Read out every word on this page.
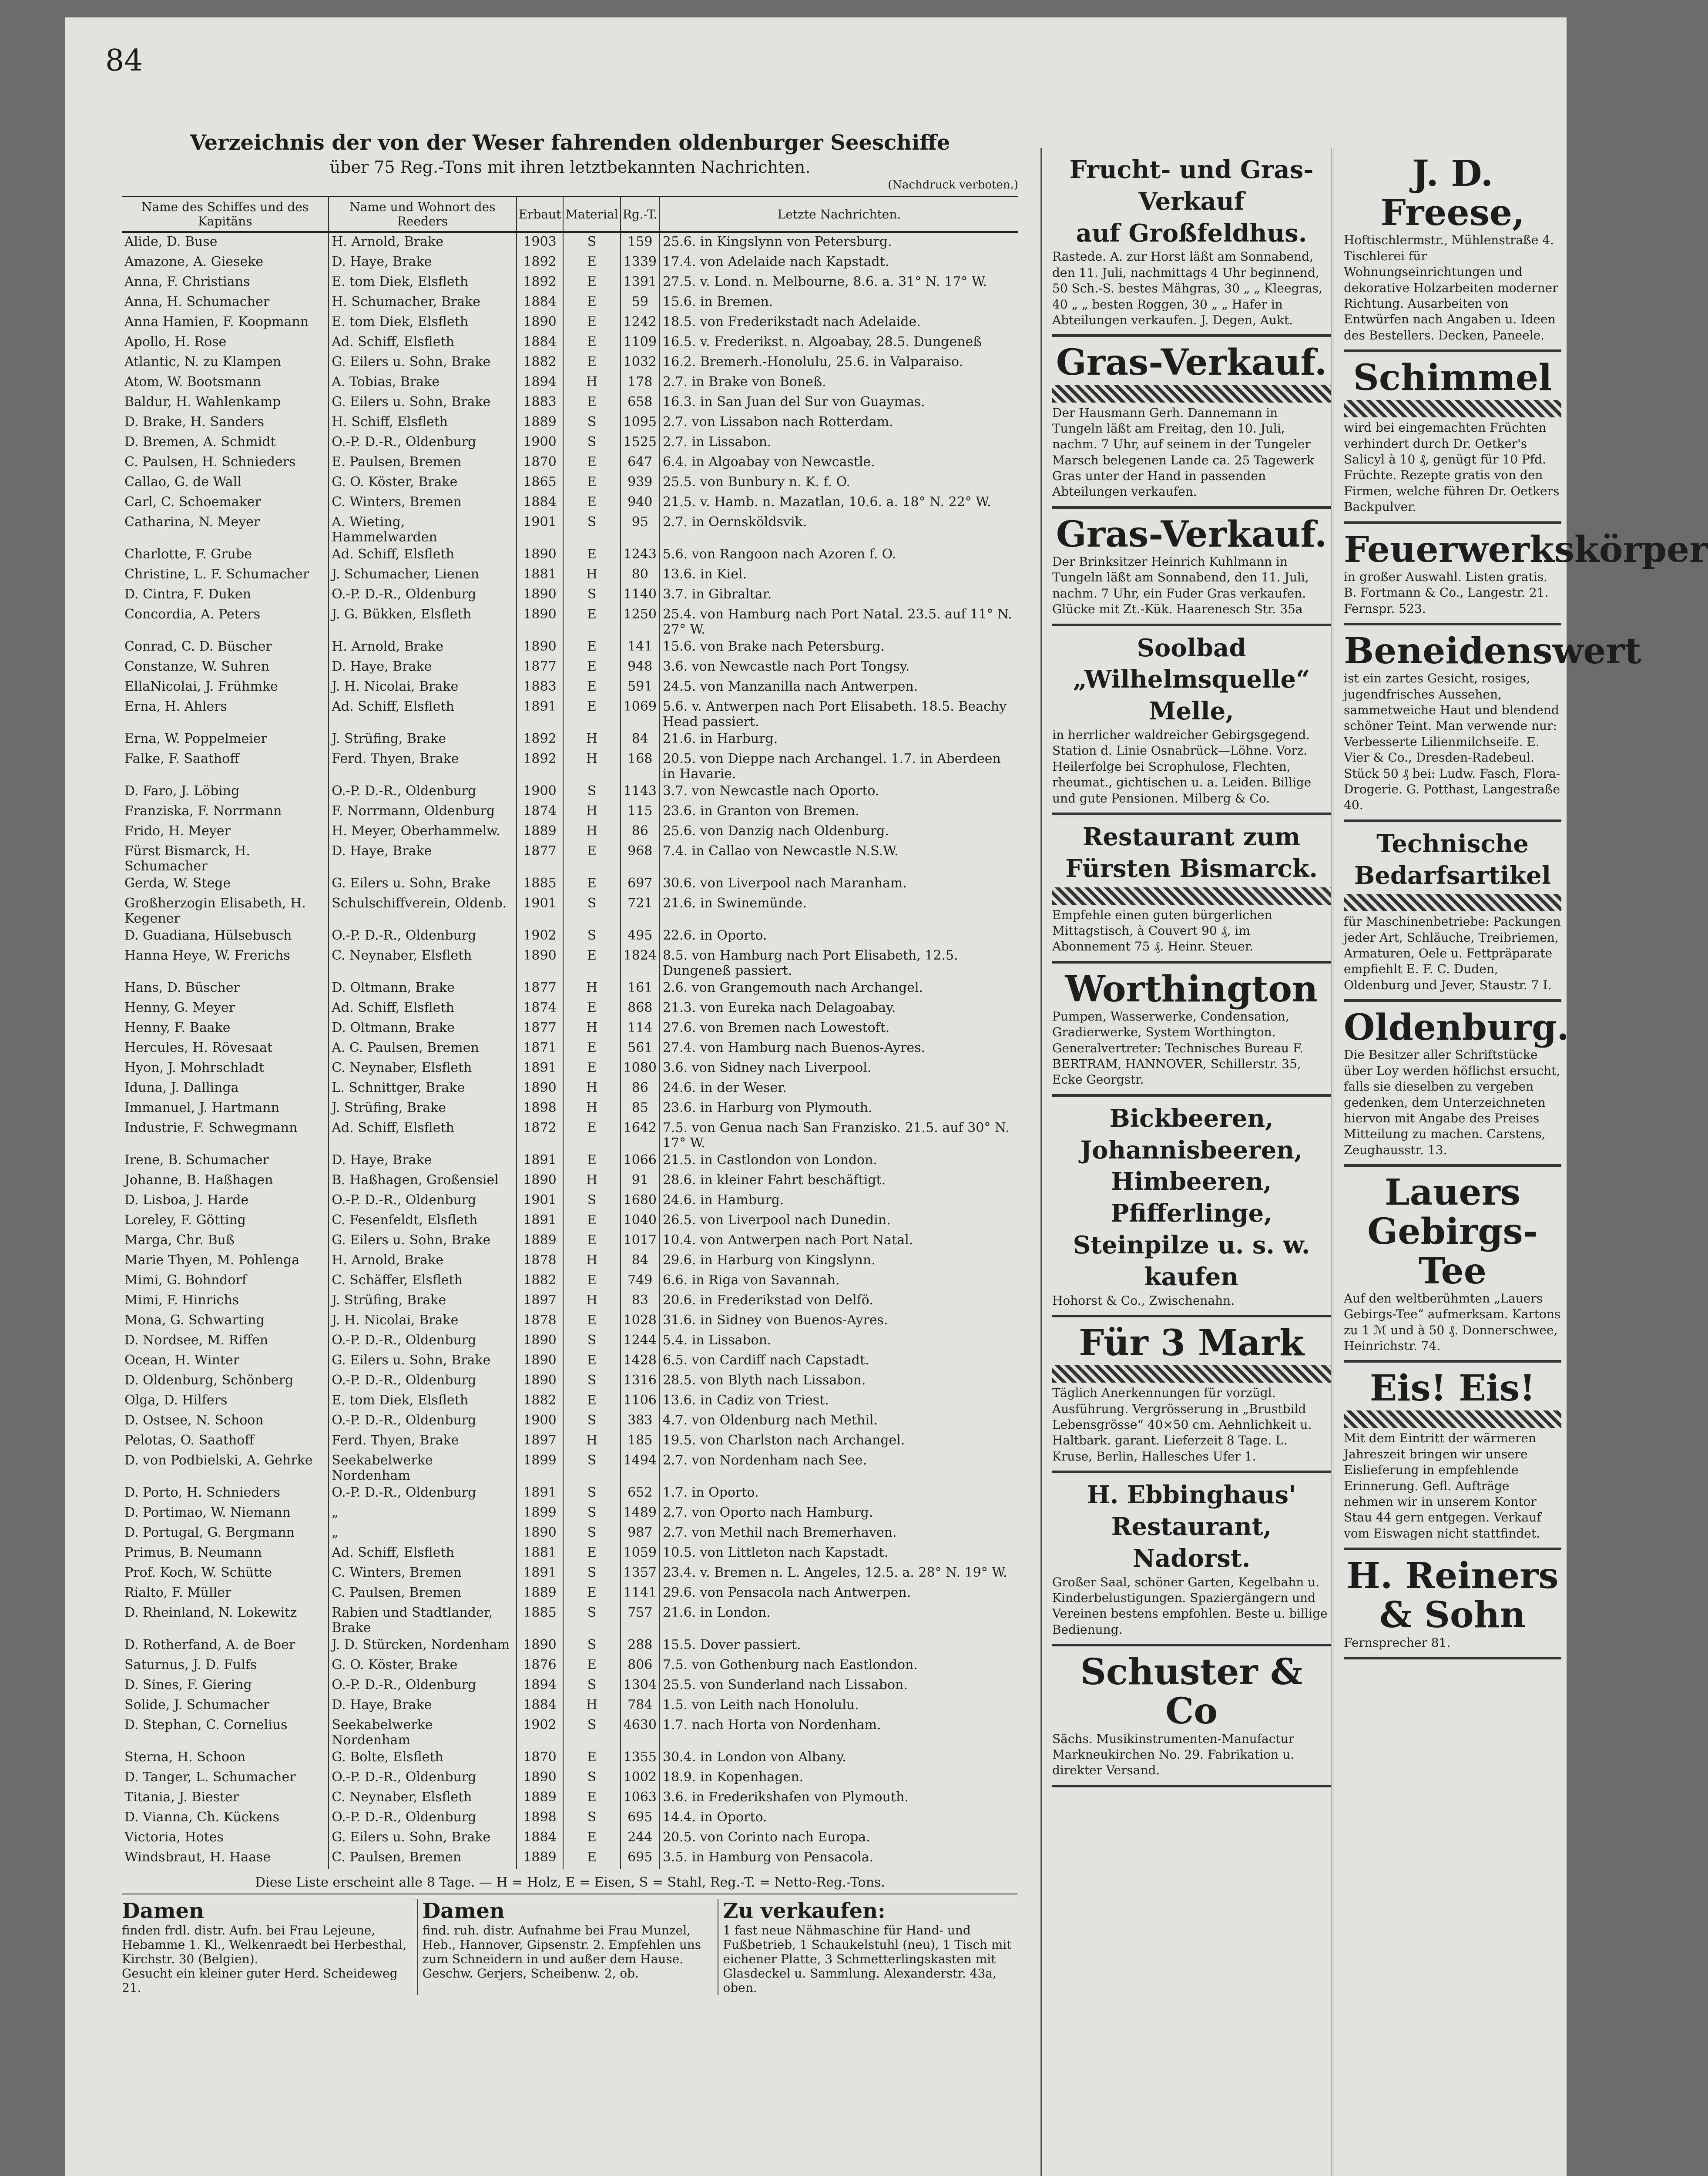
84
Verzeichnis der von der Weser fahrenden oldenburger Seeschiffe
über 75 Reg.-Tons mit ihren letztbekannten Nachrichten.
(Nachdruck verboten.)
Name des Schiffes und des Kapitäns	Name und Wohnort des Reeders	Erbaut	Material	Rg.-T.	Letzte Nachrichten.
Alide, D. Buse	H. Arnold, Brake	1903	S	159	25.6. in Kingslynn von Petersburg.
Amazone, A. Gieseke	D. Haye, Brake	1892	E	1339	17.4. von Adelaide nach Kapstadt.
Anna, F. Christians	E. tom Diek, Elsfleth	1892	E	1391	27.5. v. Lond. n. Melbourne, 8.6. a. 31° N. 17° W.
Anna, H. Schumacher	H. Schumacher, Brake	1884	E	59	15.6. in Bremen.
Anna Hamien, F. Koopmann	E. tom Diek, Elsfleth	1890	E	1242	18.5. von Frederikstadt nach Adelaide.
Apollo, H. Rose	Ad. Schiff, Elsfleth	1884	E	1109	16.5. v. Frederikst. n. Algoabay, 28.5. Dungeneß
Atlantic, N. zu Klampen	G. Eilers u. Sohn, Brake	1882	E	1032	16.2. Bremerh.-Honolulu, 25.6. in Valparaiso.
Atom, W. Bootsmann	A. Tobias, Brake	1894	H	178	2.7. in Brake von Boneß.
Baldur, H. Wahlenkamp	G. Eilers u. Sohn, Brake	1883	E	658	16.3. in San Juan del Sur von Guaymas.
D. Brake, H. Sanders	H. Schiff, Elsfleth	1889	S	1095	2.7. von Lissabon nach Rotterdam.
D. Bremen, A. Schmidt	O.-P. D.-R., Oldenburg	1900	S	1525	2.7. in Lissabon.
C. Paulsen, H. Schnieders	E. Paulsen, Bremen	1870	E	647	6.4. in Algoabay von Newcastle.
Callao, G. de Wall	G. O. Köster, Brake	1865	E	939	25.5. von Bunbury n. K. f. O.
Carl, C. Schoemaker	C. Winters, Bremen	1884	E	940	21.5. v. Hamb. n. Mazatlan, 10.6. a. 18° N. 22° W.
Catharina, N. Meyer	A. Wieting, Hammelwarden	1901	S	95	2.7. in Oernsköldsvik.
Charlotte, F. Grube	Ad. Schiff, Elsfleth	1890	E	1243	5.6. von Rangoon nach Azoren f. O.
Christine, L. F. Schumacher	J. Schumacher, Lienen	1881	H	80	13.6. in Kiel.
D. Cintra, F. Duken	O.-P. D.-R., Oldenburg	1890	S	1140	3.7. in Gibraltar.
Concordia, A. Peters	J. G. Bükken, Elsfleth	1890	E	1250	25.4. von Hamburg nach Port Natal. 23.5. auf 11° N. 27° W.
Conrad, C. D. Büscher	H. Arnold, Brake	1890	E	141	15.6. von Brake nach Petersburg.
Constanze, W. Suhren	D. Haye, Brake	1877	E	948	3.6. von Newcastle nach Port Tongsy.
EllaNicolai, J. Frühmke	J. H. Nicolai, Brake	1883	E	591	24.5. von Manzanilla nach Antwerpen.
Erna, H. Ahlers	Ad. Schiff, Elsfleth	1891	E	1069	5.6. v. Antwerpen nach Port Elisabeth. 18.5. Beachy Head passiert.
Erna, W. Poppelmeier	J. Strüfing, Brake	1892	H	84	21.6. in Harburg.
Falke, F. Saathoff	Ferd. Thyen, Brake	1892	H	168	20.5. von Dieppe nach Archangel. 1.7. in Aberdeen in Havarie.
D. Faro, J. Löbing	O.-P. D.-R., Oldenburg	1900	S	1143	3.7. von Newcastle nach Oporto.
Franziska, F. Norrmann	F. Norrmann, Oldenburg	1874	H	115	23.6. in Granton von Bremen.
Frido, H. Meyer	H. Meyer, Oberhammelw.	1889	H	86	25.6. von Danzig nach Oldenburg.
Fürst Bismarck, H. Schumacher	D. Haye, Brake	1877	E	968	7.4. in Callao von Newcastle N.S.W.
Gerda, W. Stege	G. Eilers u. Sohn, Brake	1885	E	697	30.6. von Liverpool nach Maranham.
Großherzogin Elisabeth, H. Kegener	Schulschiffverein, Oldenb.	1901	S	721	21.6. in Swinemünde.
D. Guadiana, Hülsebusch	O.-P. D.-R., Oldenburg	1902	S	495	22.6. in Oporto.
Hanna Heye, W. Frerichs	C. Neynaber, Elsfleth	1890	E	1824	8.5. von Hamburg nach Port Elisabeth, 12.5. Dungeneß passiert.
Hans, D. Büscher	D. Oltmann, Brake	1877	H	161	2.6. von Grangemouth nach Archangel.
Henny, G. Meyer	Ad. Schiff, Elsfleth	1874	E	868	21.3. von Eureka nach Delagoabay.
Henny, F. Baake	D. Oltmann, Brake	1877	H	114	27.6. von Bremen nach Lowestoft.
Hercules, H. Rövesaat	A. C. Paulsen, Bremen	1871	E	561	27.4. von Hamburg nach Buenos-Ayres.
Hyon, J. Mohrschladt	C. Neynaber, Elsfleth	1891	E	1080	3.6. von Sidney nach Liverpool.
Iduna, J. Dallinga	L. Schnittger, Brake	1890	H	86	24.6. in der Weser.
Immanuel, J. Hartmann	J. Strüfing, Brake	1898	H	85	23.6. in Harburg von Plymouth.
Industrie, F. Schwegmann	Ad. Schiff, Elsfleth	1872	E	1642	7.5. von Genua nach San Franzisko. 21.5. auf 30° N. 17° W.
Irene, B. Schumacher	D. Haye, Brake	1891	E	1066	21.5. in Castlondon von London.
Johanne, B. Haßhagen	B. Haßhagen, Großensiel	1890	H	91	28.6. in kleiner Fahrt beschäftigt.
D. Lisboa, J. Harde	O.-P. D.-R., Oldenburg	1901	S	1680	24.6. in Hamburg.
Loreley, F. Götting	C. Fesenfeldt, Elsfleth	1891	E	1040	26.5. von Liverpool nach Dunedin.
Marga, Chr. Buß	G. Eilers u. Sohn, Brake	1889	E	1017	10.4. von Antwerpen nach Port Natal.
Marie Thyen, M. Pohlenga	H. Arnold, Brake	1878	H	84	29.6. in Harburg von Kingslynn.
Mimi, G. Bohndorf	C. Schäffer, Elsfleth	1882	E	749	6.6. in Riga von Savannah.
Mimi, F. Hinrichs	J. Strüfing, Brake	1897	H	83	20.6. in Frederikstad von Delfö.
Mona, G. Schwarting	J. H. Nicolai, Brake	1878	E	1028	31.6. in Sidney von Buenos-Ayres.
D. Nordsee, M. Riffen	O.-P. D.-R., Oldenburg	1890	S	1244	5.4. in Lissabon.
Ocean, H. Winter	G. Eilers u. Sohn, Brake	1890	E	1428	6.5. von Cardiff nach Capstadt.
D. Oldenburg, Schönberg	O.-P. D.-R., Oldenburg	1890	S	1316	28.5. von Blyth nach Lissabon.
Olga, D. Hilfers	E. tom Diek, Elsfleth	1882	E	1106	13.6. in Cadiz von Triest.
D. Ostsee, N. Schoon	O.-P. D.-R., Oldenburg	1900	S	383	4.7. von Oldenburg nach Methil.
Pelotas, O. Saathoff	Ferd. Thyen, Brake	1897	H	185	19.5. von Charlston nach Archangel.
D. von Podbielski, A. Gehrke	Seekabelwerke Nordenham	1899	S	1494	2.7. von Nordenham nach See.
D. Porto, H. Schnieders	O.-P. D.-R., Oldenburg	1891	S	652	1.7. in Oporto.
D. Portimao, W. Niemann	„	1899	S	1489	2.7. von Oporto nach Hamburg.
D. Portugal, G. Bergmann	„	1890	S	987	2.7. von Methil nach Bremerhaven.
Primus, B. Neumann	Ad. Schiff, Elsfleth	1881	E	1059	10.5. von Littleton nach Kapstadt.
Prof. Koch, W. Schütte	C. Winters, Bremen	1891	S	1357	23.4. v. Bremen n. L. Angeles, 12.5. a. 28° N. 19° W.
Rialto, F. Müller	C. Paulsen, Bremen	1889	E	1141	29.6. von Pensacola nach Antwerpen.
D. Rheinland, N. Lokewitz	Rabien und Stadtlander, Brake	1885	S	757	21.6. in London.
D. Rotherfand, A. de Boer	J. D. Stürcken, Nordenham	1890	S	288	15.5. Dover passiert.
Saturnus, J. D. Fulfs	G. O. Köster, Brake	1876	E	806	7.5. von Gothenburg nach Eastlondon.
D. Sines, F. Giering	O.-P. D.-R., Oldenburg	1894	S	1304	25.5. von Sunderland nach Lissabon.
Solide, J. Schumacher	D. Haye, Brake	1884	H	784	1.5. von Leith nach Honolulu.
D. Stephan, C. Cornelius	Seekabelwerke Nordenham	1902	S	4630	1.7. nach Horta von Nordenham.
Sterna, H. Schoon	G. Bolte, Elsfleth	1870	E	1355	30.4. in London von Albany.
D. Tanger, L. Schumacher	O.-P. D.-R., Oldenburg	1890	S	1002	18.9. in Kopenhagen.
Titania, J. Biester	C. Neynaber, Elsfleth	1889	E	1063	3.6. in Frederikshafen von Plymouth.
D. Vianna, Ch. Kückens	O.-P. D.-R., Oldenburg	1898	S	695	14.4. in Oporto.
Victoria, Hotes	G. Eilers u. Sohn, Brake	1884	E	244	20.5. von Corinto nach Europa.
Windsbraut, H. Haase	C. Paulsen, Bremen	1889	E	695	3.5. in Hamburg von Pensacola.
Diese Liste erscheint alle 8 Tage. — H = Holz, E = Eisen, S = Stahl, Reg.-T. = Netto-Reg.-Tons.
Damen
finden frdl. distr. Aufn. bei Frau Lejeune, Hebamme 1. Kl., Welkenraedt bei Herbesthal, Kirchstr. 30 (Belgien).
Gesucht ein kleiner guter Herd. Scheideweg 21.
Damen
find. ruh. distr. Aufnahme bei Frau Munzel, Heb., Hannover, Gipsenstr. 2. Empfehlen uns zum Schneidern in und außer dem Hause. Geschw. Gerjers, Scheibenw. 2, ob.
Zu verkaufen:
1 fast neue Nähmaschine für Hand- und Fußbetrieb, 1 Schaukelstuhl (neu), 1 Tisch mit eichener Platte, 3 Schmetterlingskasten mit Glasdeckel u. Sammlung. Alexanderstr. 43a, oben.
Frucht- und Gras-Verkauf
auf Großfeldhus.
Rastede. A. zur Horst läßt am Sonnabend, den 11. Juli, nachmittags 4 Uhr beginnend, 50 Sch.-S. bestes Mähgras, 30 „ „ Kleegras, 40 „ „ besten Roggen, 30 „ „ Hafer in Abteilungen verkaufen. J. Degen, Aukt.
Gras-Verkauf.
Der Hausmann Gerh. Dannemann in Tungeln läßt am Freitag, den 10. Juli, nachm. 7 Uhr, auf seinem in der Tungeler Marsch belegenen Lande ca. 25 Tagewerk Gras unter der Hand in passenden Abteilungen verkaufen.
Gras-Verkauf.
Der Brinksitzer Heinrich Kuhlmann in Tungeln läßt am Sonnabend, den 11. Juli, nachm. 7 Uhr, ein Fuder Gras verkaufen. Glücke mit Zt.-Kük. Haarenesch Str. 35a
Soolbad „Wilhelmsquelle“ Melle,
in herrlicher waldreicher Gebirgsgegend. Station d. Linie Osnabrück—Löhne. Vorz. Heilerfolge bei Scrophulose, Flechten, rheumat., gichtischen u. a. Leiden. Billige und gute Pensionen. Milberg & Co.
Restaurant zum Fürsten Bismarck.
Empfehle einen guten bürgerlichen Mittagstisch, à Couvert 90 ₰, im Abonnement 75 ₰. Heinr. Steuer.
Worthington
Pumpen, Wasserwerke, Condensation, Gradierwerke, System Worthington. Generalvertreter: Technisches Bureau F. BERTRAM, HANNOVER, Schillerstr. 35, Ecke Georgstr.
Bickbeeren, Johannisbeeren, Himbeeren, Pfifferlinge, Steinpilze u. s. w.
kaufen
Hohorst & Co., Zwischenahn.
Für 3 Mark
Täglich Anerkennungen für vorzügl. Ausführung. Vergrösserung in „Brustbild Lebensgrösse“ 40×50 cm. Aehnlichkeit u. Haltbark. garant. Lieferzeit 8 Tage. L. Kruse, Berlin, Hallesches Ufer 1.
H. Ebbinghaus' Restaurant, Nadorst.
Großer Saal, schöner Garten, Kegelbahn u. Kinderbelustigungen. Spaziergängern und Vereinen bestens empfohlen. Beste u. billige Bedienung.
Schuster & Co
Sächs. Musikinstrumenten-Manufactur Markneukirchen No. 29. Fabrikation u. direkter Versand.
J. D. Freese,
Hoftischlermstr., Mühlenstraße 4. Tischlerei für Wohnungseinrichtungen und dekorative Holzarbeiten moderner Richtung. Ausarbeiten von Entwürfen nach Angaben u. Ideen des Bestellers. Decken, Paneele.
Schimmel
wird bei eingemachten Früchten verhindert durch Dr. Oetker's Salicyl à 10 ₰, genügt für 10 Pfd. Früchte. Rezepte gratis von den Firmen, welche führen Dr. Oetkers Backpulver.
Feuerwerkskörper
in großer Auswahl. Listen gratis. B. Fortmann & Co., Langestr. 21. Fernspr. 523.
Beneidenswert
ist ein zartes Gesicht, rosiges, jugendfrisches Aussehen, sammetweiche Haut und blendend schöner Teint. Man verwende nur: Verbesserte Lilienmilchseife. E. Vier & Co., Dresden-Radebeul. Stück 50 ₰ bei: Ludw. Fasch, Flora-Drogerie. G. Potthast, Langestraße 40.
Technische Bedarfsartikel
für Maschinenbetriebe: Packungen jeder Art, Schläuche, Treibriemen, Armaturen, Oele u. Fettpräparate empfiehlt E. F. C. Duden, Oldenburg und Jever, Staustr. 7 I.
Oldenburg.
Die Besitzer aller Schriftstücke über Loy werden höflichst ersucht, falls sie dieselben zu vergeben gedenken, dem Unterzeichneten hiervon mit Angabe des Preises Mitteilung zu machen. Carstens, Zeughausstr. 13.
Lauers Gebirgs-Tee
Auf den weltberühmten „Lauers Gebirgs-Tee“ aufmerksam. Kartons zu 1 ℳ und à 50 ₰. Donnerschwee, Heinrichstr. 74.
Eis! Eis!
Mit dem Eintritt der wärmeren Jahreszeit bringen wir unsere Eislieferung in empfehlende Erinnerung. Gefl. Aufträge nehmen wir in unserem Kontor Stau 44 gern entgegen. Verkauf vom Eiswagen nicht stattfindet.
H. Reiners & Sohn
Fernsprecher 81.
